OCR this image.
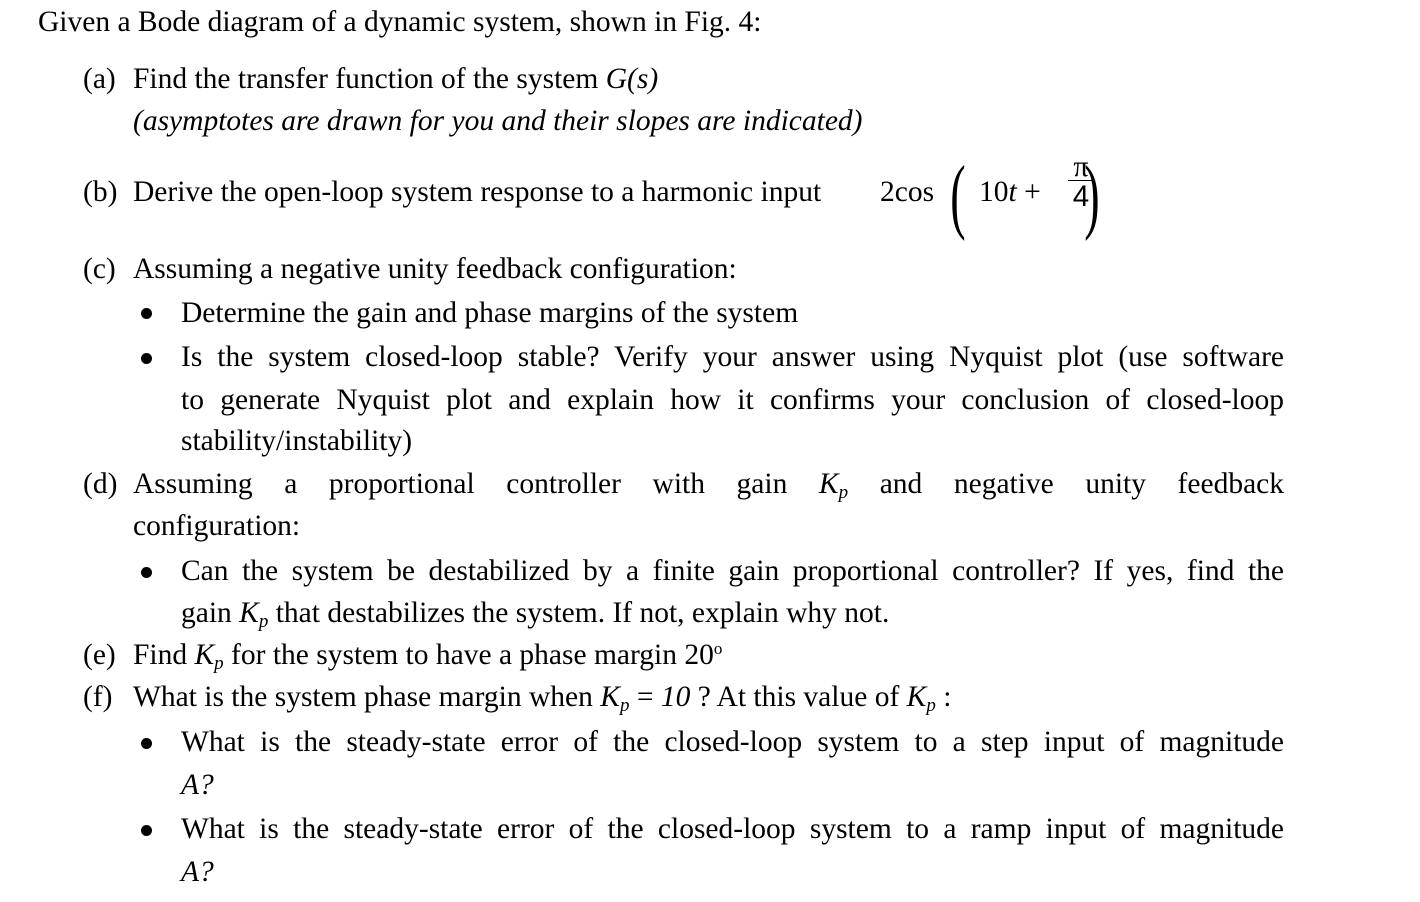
Given a Bode diagram of a dynamic system, shown in Fig. 4:
(a) Find the transfer function of the system G(s)
(asymptotes are drawn for you and their slopes are indicated)
(b) Derive the open-loop system response to a harmonic input 2cos ( $10t + \frac{\pi}{4}$
)
(c) Assuming a negative unity feedback configuration:
Determine the gain and phase margins of the system
Is the system closed-loop stable? Verify your answer using Nyquist plot (use software
to generate Nyquist plot and explain how it confirms your conclusion of closed-loop
stability/instability)
(d) Assuming a proportional controller with gain $K_p$ and negative unity feedback
configuration:
Can the system be destabilized by a finite gain proportional controller? If yes, find the
gain $K_p$ that destabilizes the system. If not, explain why not.
(e) Find $K_p$ for the system to have a phase margin 20$^o$
(f) What is the system phase margin when $K_p = 10$ ? At this value of $K_p$ :
What is the steady-state error of the closed-loop system to a step input of magnitude
A?
What is the steady-state error of the closed-loop system to a ramp input of magnitude
A?
